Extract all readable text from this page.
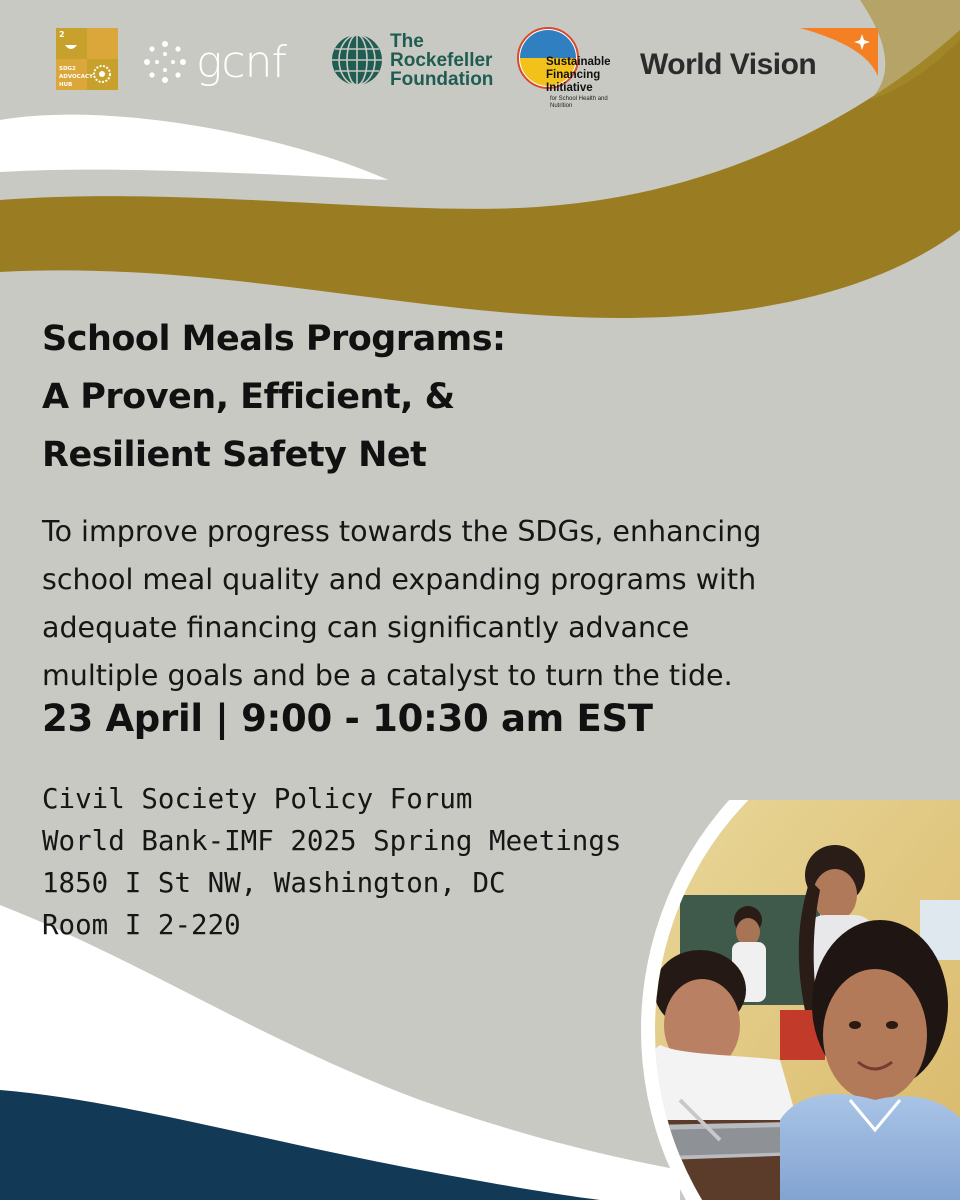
2
SDG2
ADVOCACY
HUB	gcnf	The
Rockefeller
Foundation
Sustainable
Financing
Initiative
for School Health and Nutrition
World Vision
School Meals Programs:
A Proven, Efficient, &
Resilient Safety Net
To improve progress towards the SDGs, enhancing
school meal quality and expanding programs with
adequate financing can significantly advance
multiple goals and be a catalyst to turn the tide.
23 April | 9:00 - 10:30 am EST
Civil Society Policy Forum
World Bank-IMF 2025 Spring Meetings
1850 I St NW, Washington, DC
Room I 2-220
